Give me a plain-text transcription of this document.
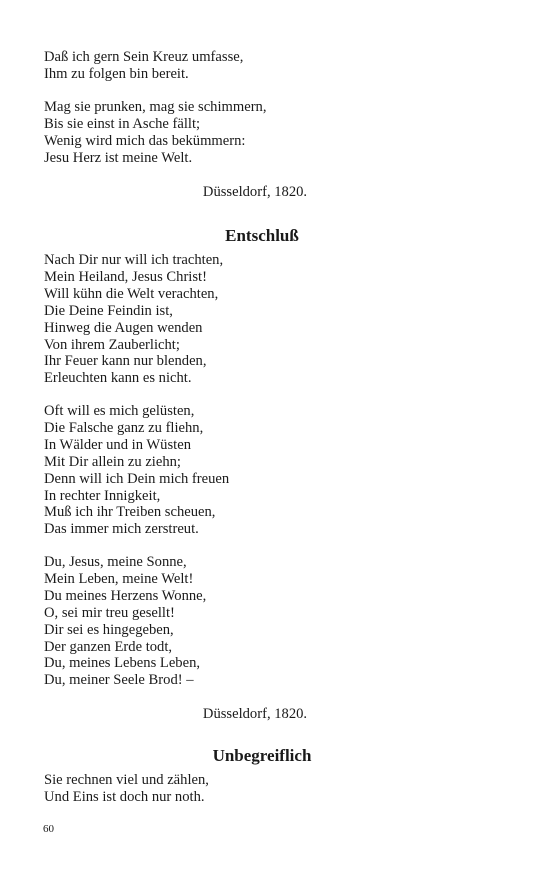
Daß ich gern Sein Kreuz umfasse,
Ihm zu folgen bin bereit.
Mag sie prunken, mag sie schimmern,
Bis sie einst in Asche fällt;
Wenig wird mich das bekümmern:
Jesu Herz ist meine Welt.
Düsseldorf, 1820.
Entschluß
Nach Dir nur will ich trachten,
Mein Heiland, Jesus Christ!
Will kühn die Welt verachten,
Die Deine Feindin ist,
Hinweg die Augen wenden
Von ihrem Zauberlicht;
Ihr Feuer kann nur blenden,
Erleuchten kann es nicht.
Oft will es mich gelüsten,
Die Falsche ganz zu fliehn,
In Wälder und in Wüsten
Mit Dir allein zu ziehn;
Denn will ich Dein mich freuen
In rechter Innigkeit,
Muß ich ihr Treiben scheuen,
Das immer mich zerstreut.
Du, Jesus, meine Sonne,
Mein Leben, meine Welt!
Du meines Herzens Wonne,
O, sei mir treu gesellt!
Dir sei es hingegeben,
Der ganzen Erde todt,
Du, meines Lebens Leben,
Du, meiner Seele Brod! –
Düsseldorf, 1820.
Unbegreiflich
Sie rechnen viel und zählen,
Und Eins ist doch nur noth.
60
